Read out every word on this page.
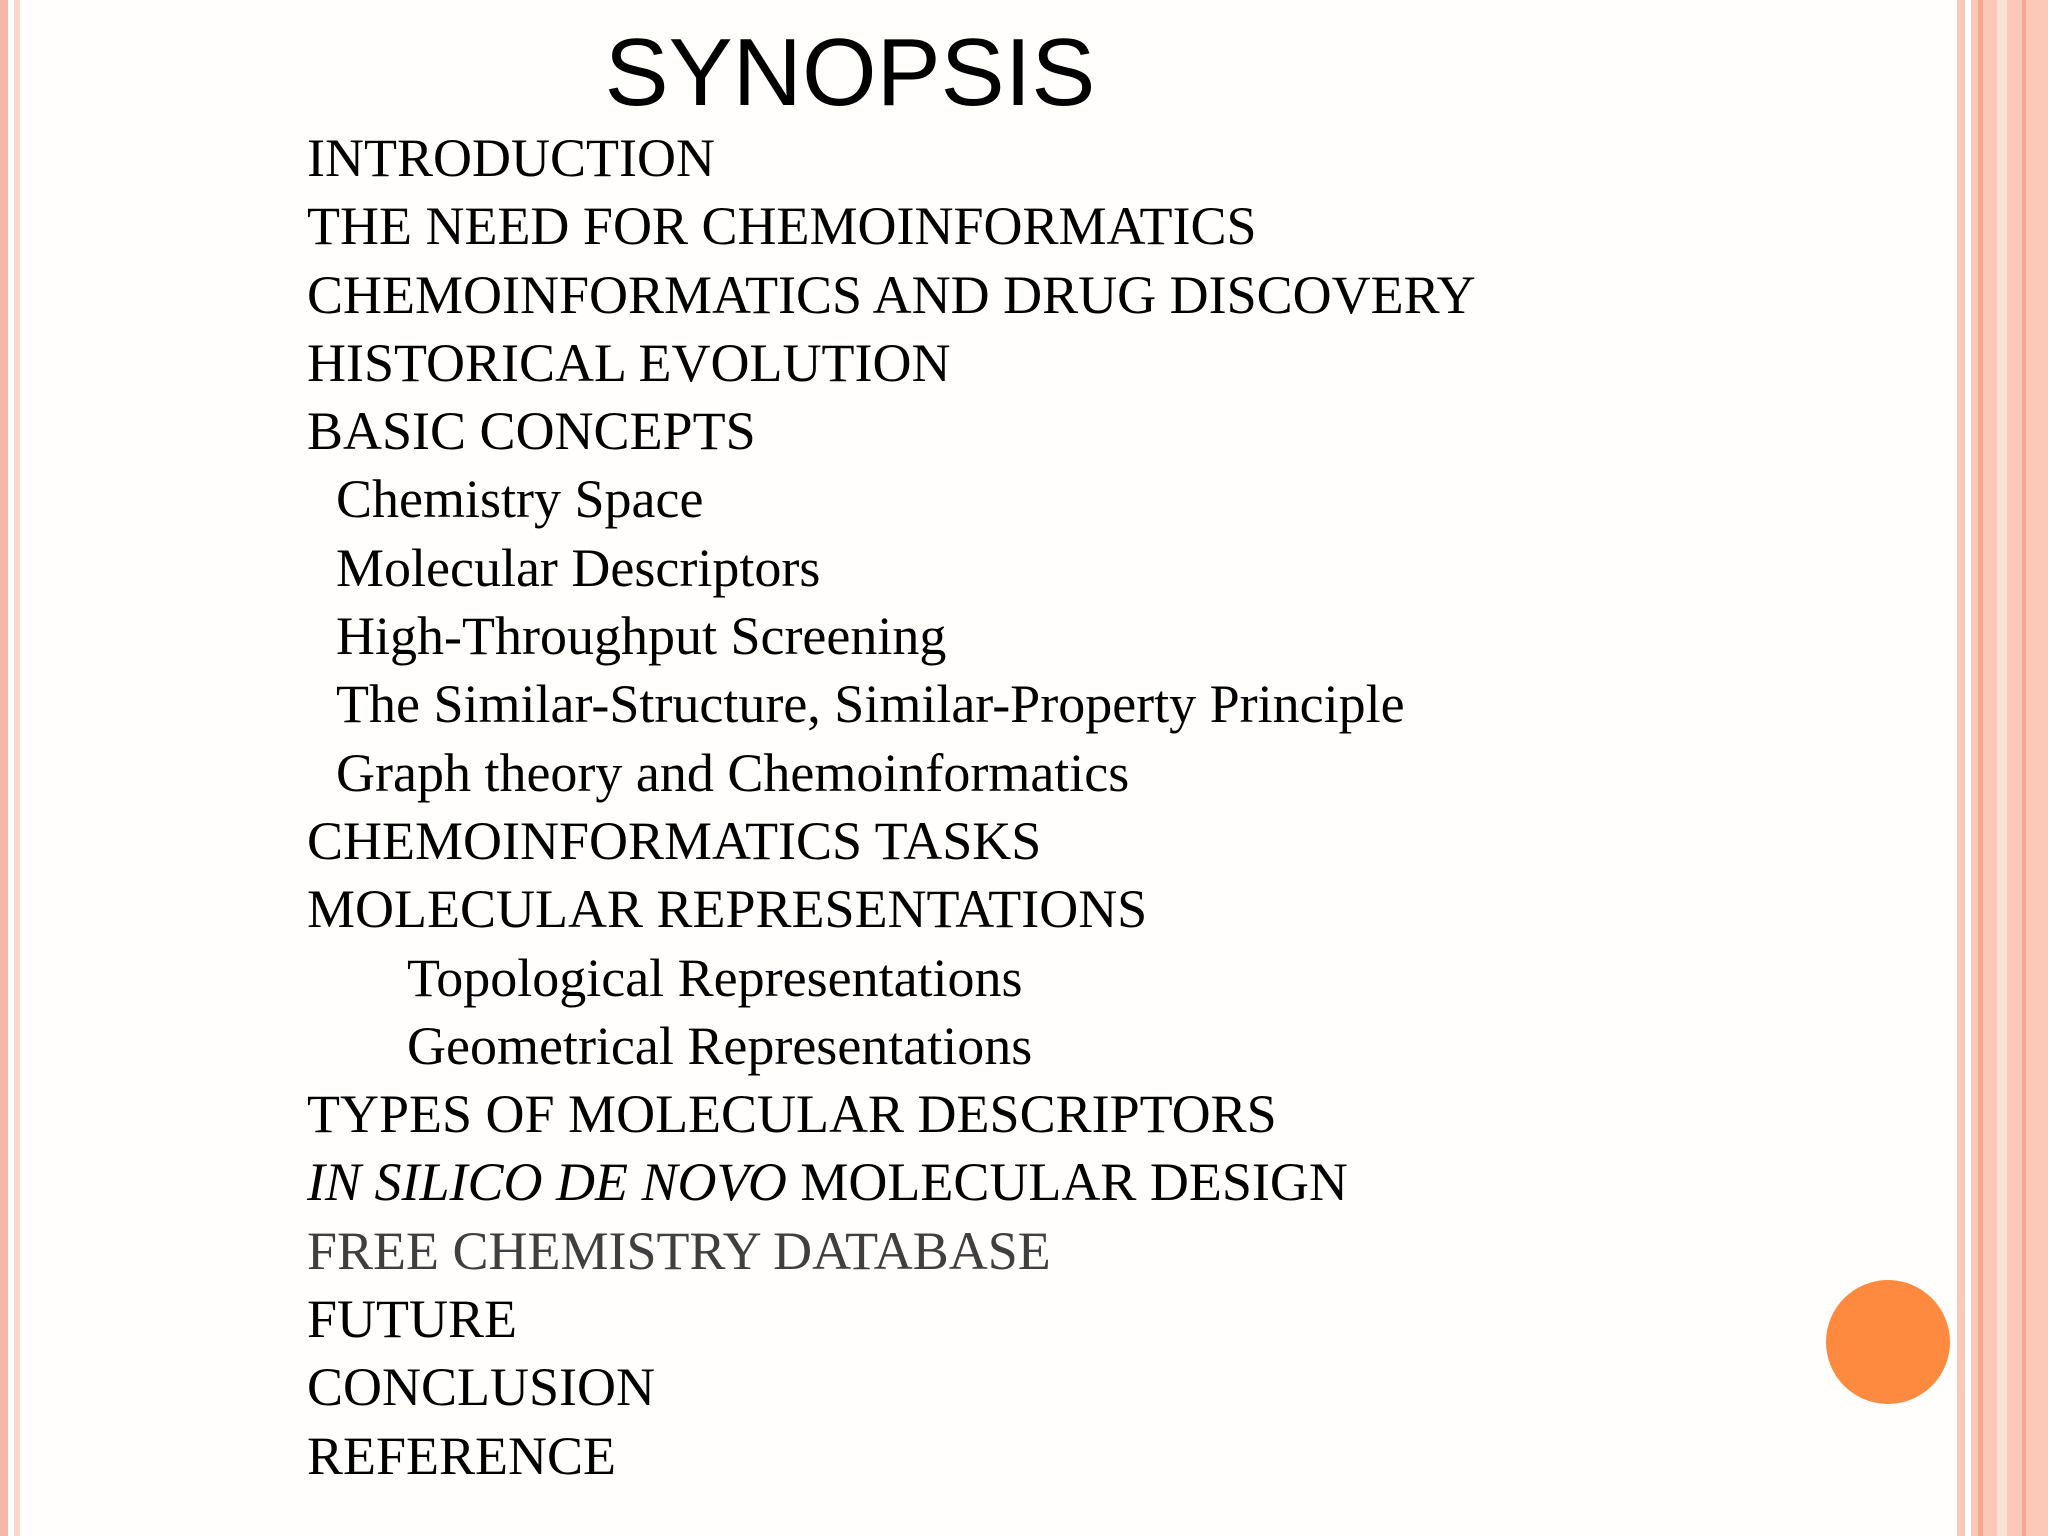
SYNOPSIS
INTRODUCTION
THE NEED FOR CHEMOINFORMATICS
CHEMOINFORMATICS AND DRUG DISCOVERY
HISTORICAL EVOLUTION
BASIC CONCEPTS
Chemistry Space
Molecular Descriptors
High-Throughput Screening
The Similar-Structure, Similar-Property Principle
Graph theory and Chemoinformatics
CHEMOINFORMATICS TASKS
MOLECULAR REPRESENTATIONS
Topological Representations
Geometrical Representations
TYPES OF MOLECULAR DESCRIPTORS
IN SILICO DE NOVO MOLECULAR DESIGN
FREE CHEMISTRY DATABASE
FUTURE
CONCLUSION
REFERENCE
